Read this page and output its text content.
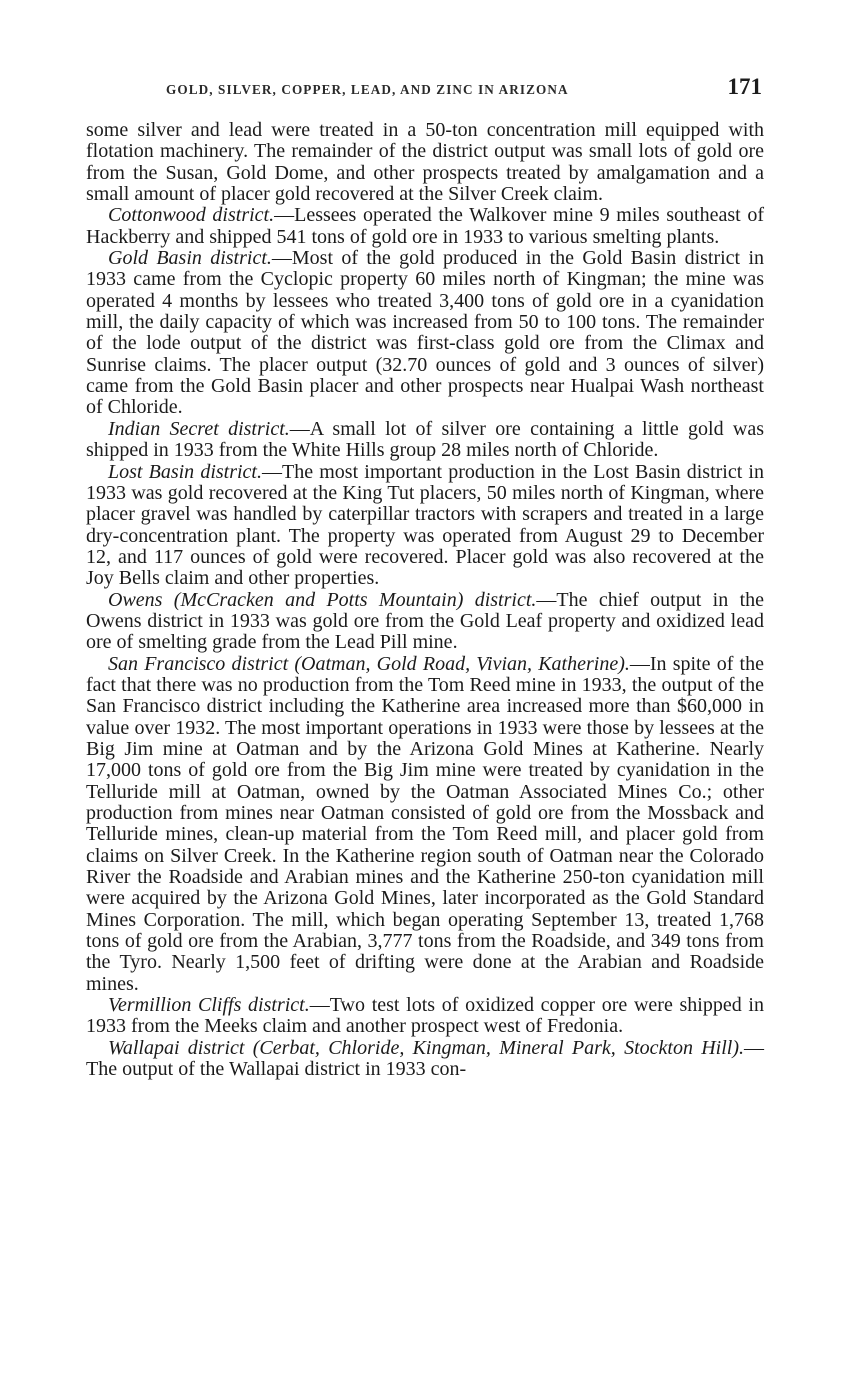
GOLD, SILVER, COPPER, LEAD, AND ZINC IN ARIZONA	171

some silver and lead were treated in a 50-ton concentration mill equipped with flotation machinery. The remainder of the district output was small lots of gold ore from the Susan, Gold Dome, and other prospects treated by amalgamation and a small amount of placer gold recovered at the Silver Creek claim.

Cottonwood district.—Lessees operated the Walkover mine 9 miles southeast of Hackberry and shipped 541 tons of gold ore in 1933 to various smelting plants.

Gold Basin district.—Most of the gold produced in the Gold Basin district in 1933 came from the Cyclopic property 60 miles north of Kingman; the mine was operated 4 months by lessees who treated 3,400 tons of gold ore in a cyanidation mill, the daily capacity of which was increased from 50 to 100 tons. The remainder of the lode output of the district was first-class gold ore from the Climax and Sunrise claims. The placer output (32.70 ounces of gold and 3 ounces of silver) came from the Gold Basin placer and other prospects near Hualpai Wash northeast of Chloride.

Indian Secret district.—A small lot of silver ore containing a little gold was shipped in 1933 from the White Hills group 28 miles north of Chloride.

Lost Basin district.—The most important production in the Lost Basin district in 1933 was gold recovered at the King Tut placers, 50 miles north of Kingman, where placer gravel was handled by caterpillar tractors with scrapers and treated in a large dry-concentration plant. The property was operated from August 29 to December 12, and 117 ounces of gold were recovered. Placer gold was also recovered at the Joy Bells claim and other properties.

Owens (McCracken and Potts Mountain) district.—The chief output in the Owens district in 1933 was gold ore from the Gold Leaf property and oxidized lead ore of smelting grade from the Lead Pill mine.

San Francisco district (Oatman, Gold Road, Vivian, Katherine).—In spite of the fact that there was no production from the Tom Reed mine in 1933, the output of the San Francisco district including the Katherine area increased more than $60,000 in value over 1932. The most important operations in 1933 were those by lessees at the Big Jim mine at Oatman and by the Arizona Gold Mines at Katherine. Nearly 17,000 tons of gold ore from the Big Jim mine were treated by cyanidation in the Telluride mill at Oatman, owned by the Oatman Associated Mines Co.; other production from mines near Oatman consisted of gold ore from the Mossback and Telluride mines, clean-up material from the Tom Reed mill, and placer gold from claims on Silver Creek. In the Katherine region south of Oatman near the Colorado River the Roadside and Arabian mines and the Katherine 250-ton cyanidation mill were acquired by the Arizona Gold Mines, later incorporated as the Gold Standard Mines Corporation. The mill, which began operating September 13, treated 1,768 tons of gold ore from the Arabian, 3,777 tons from the Roadside, and 349 tons from the Tyro. Nearly 1,500 feet of drifting were done at the Arabian and Roadside mines.

Vermillion Cliffs district.—Two test lots of oxidized copper ore were shipped in 1933 from the Meeks claim and another prospect west of Fredonia.

Wallapai district (Cerbat, Chloride, Kingman, Mineral Park, Stockton Hill).—The output of the Wallapai district in 1933 con-
